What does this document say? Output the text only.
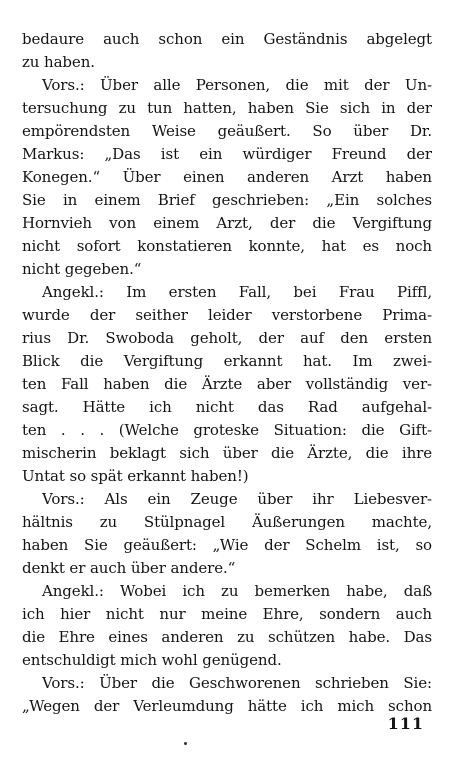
bedaure auch schon ein Geständnis abgelegt
zu haben.
Vors.: Über alle Personen, die mit der Un-
tersuchung zu tun hatten, haben Sie sich in der
empörendsten Weise geäußert. So über Dr.
Markus: „Das ist ein würdiger Freund der
Konegen.“ Über einen anderen Arzt haben
Sie in einem Brief geschrieben: „Ein solches
Hornvieh von einem Arzt, der die Vergiftung
nicht sofort konstatieren konnte, hat es noch
nicht gegeben.“
Angekl.: Im ersten Fall, bei Frau Piffl,
wurde der seither leider verstorbene Prima-
rius Dr. Swoboda geholt, der auf den ersten
Blick die Vergiftung erkannt hat. Im zwei-
ten Fall haben die Ärzte aber vollständig ver-
sagt. Hätte ich nicht das Rad aufgehal-
ten . . . (Welche groteske Situation: die Gift-
mischerin beklagt sich über die Ärzte, die ihre
Untat so spät erkannt haben!)
Vors.: Als ein Zeuge über ihr Liebesver-
hältnis zu Stülpnagel Äußerungen machte,
haben Sie geäußert: „Wie der Schelm ist, so
denkt er auch über andere.“
Angekl.: Wobei ich zu bemerken habe, daß
ich hier nicht nur meine Ehre, sondern auch
die Ehre eines anderen zu schützen habe. Das
entschuldigt mich wohl genügend.
Vors.: Über die Geschworenen schrieben Sie:
„Wegen der Verleumdung hätte ich mich schon
111
